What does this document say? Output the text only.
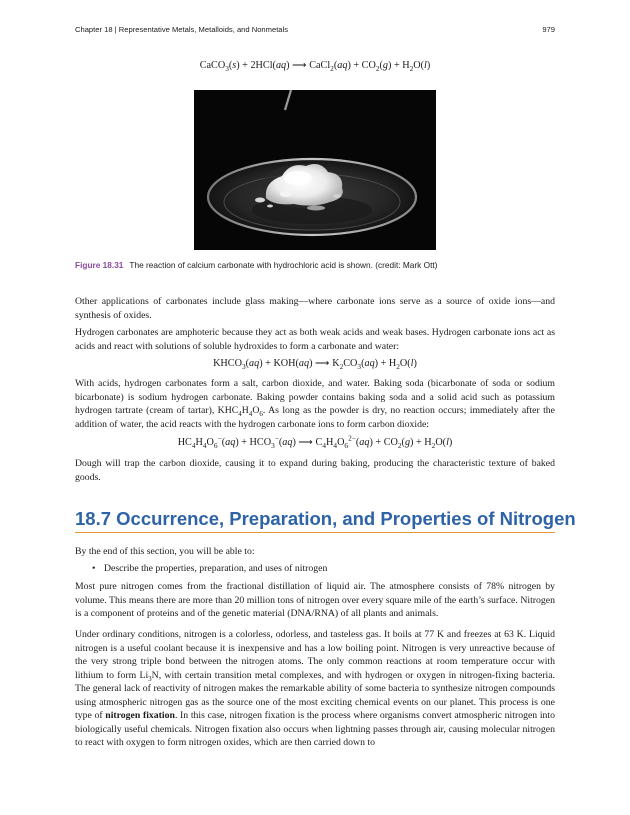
Chapter 18 | Representative Metals, Metalloids, and Nonmetals	979
CaCO$_3$(s) + 2HCl(aq) ⟶ CaCl$_2$(aq) + $CO_2(g) + H_2O(l)$
Figure 18.31 The reaction of calcium carbonate with hydrochloric acid is shown. (credit: Mark Ott)
Other applications of carbonates include glass making—where carbonate ions serve as a source of oxide ions—and synthesis of oxides.
Hydrogen carbonates are amphoteric because they act as both weak acids and weak bases. Hydrogen carbonate ions act as acids and react with solutions of soluble hydroxides to form a carbonate and water:
$KHCO_3(aq) + KOH(aq)$ ⟶ $K_2CO_3(aq) + H_2O(l)$
With acids, hydrogen carbonates form a salt, carbon dioxide, and water. Baking soda (bicarbonate of soda or sodium bicarbonate) is sodium hydrogen carbonate. Baking powder contains baking soda and a solid acid such as potassium hydrogen tartrate (cream of tartar), $KHC_4H_4O_6$. As long as the powder is dry, no reaction occurs; immediately after the addition of water, the acid reacts with the hydrogen carbonate ions to form carbon dioxide:
$HC_4H_4O_6^-(aq) + HCO_3^-(aq)$ ⟶ $C_4H_4O_6^{2-}(aq) + CO_2(g) + H_2O(l)$
Dough will trap the carbon dioxide, causing it to expand during baking, producing the characteristic texture of baked goods.
18.7 Occurrence, Preparation, and Properties of Nitrogen
By the end of this section, you will be able to:
• Describe the properties, preparation, and uses of nitrogen
Most pure nitrogen comes from the fractional distillation of liquid air. The atmosphere consists of 78% nitrogen by volume. This means there are more than 20 million tons of nitrogen over every square mile of the earth’s surface. Nitrogen is a component of proteins and of the genetic material (DNA/RNA) of all plants and animals.
Under ordinary conditions, nitrogen is a colorless, odorless, and tasteless gas. It boils at 77 K and freezes at 63 K. Liquid nitrogen is a useful coolant because it is inexpensive and has a low boiling point. Nitrogen is very unreactive because of the very strong triple bond between the nitrogen atoms. The only common reactions at room temperature occur with lithium to form $Li_3N$, with certain transition metal complexes, and with hydrogen or oxygen in nitrogen-fixing bacteria. The general lack of reactivity of nitrogen makes the remarkable ability of some bacteria to synthesize nitrogen compounds using atmospheric nitrogen gas as the source one of the most exciting chemical events on our planet. This process is one type of nitrogen fixation. In this case, nitrogen fixation is the process where organisms convert atmospheric nitrogen into biologically useful chemicals. Nitrogen fixation also occurs when lightning passes through air, causing molecular nitrogen to react with oxygen to form nitrogen oxides, which are then carried down to
